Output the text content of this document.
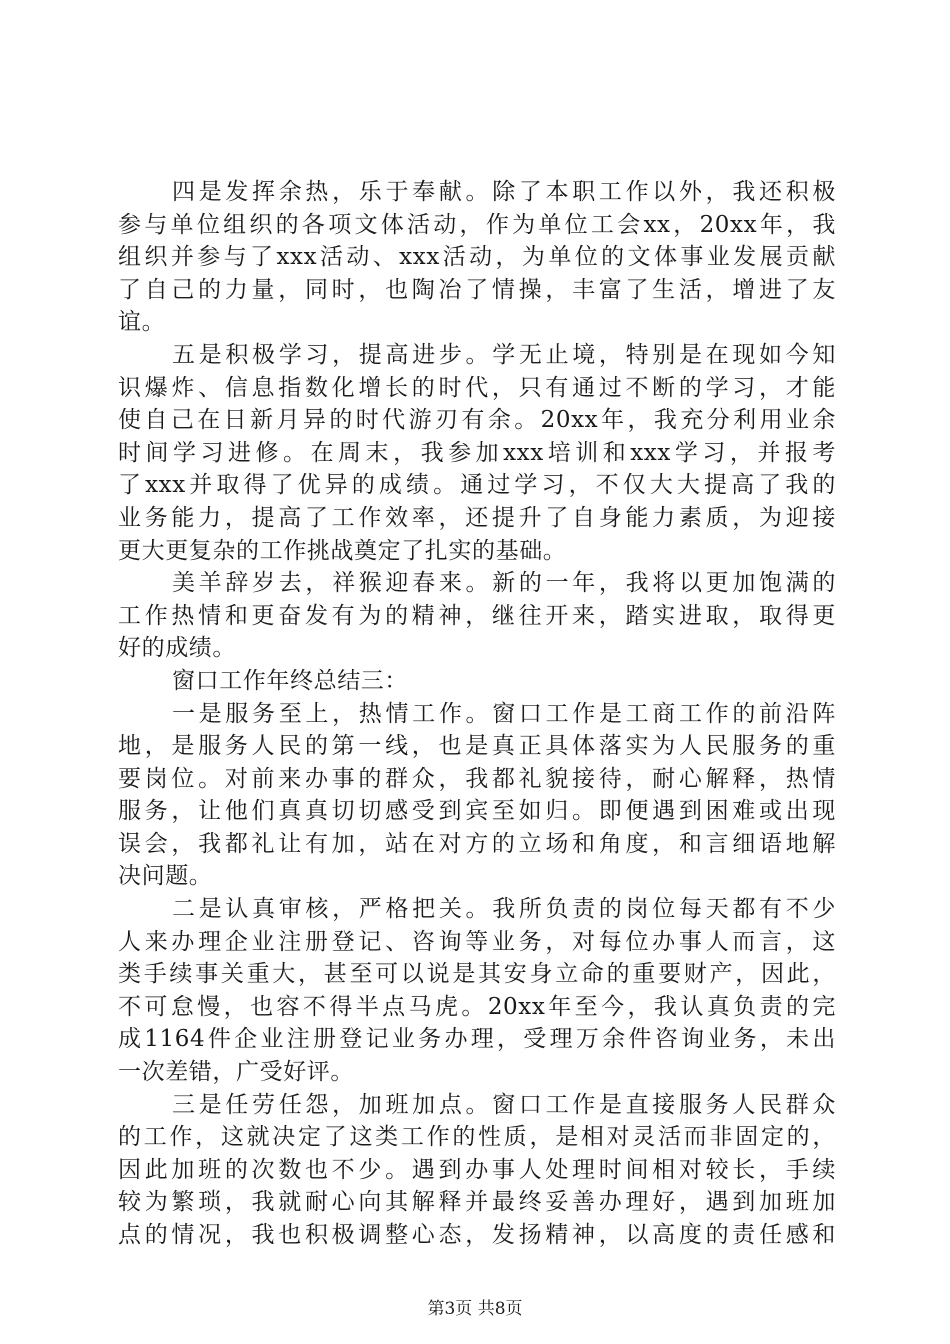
四是发挥余热，乐于奉献。除了本职工作以外，我还积极
参与单位组织的各项文体活动，作为单位工会xx，20xx年，我
组织并参与了xxx活动、xxx活动，为单位的文体事业发展贡献
了自己的力量，同时，也陶冶了情操，丰富了生活，增进了友
谊。
五是积极学习，提高进步。学无止境，特别是在现如今知
识爆炸、信息指数化增长的时代，只有通过不断的学习，才能
使自己在日新月异的时代游刃有余。20xx年，我充分利用业余
时间学习进修。在周末，我参加xxx培训和xxx学习，并报考
了xxx并取得了优异的成绩。通过学习，不仅大大提高了我的
业务能力，提高了工作效率，还提升了自身能力素质，为迎接
更大更复杂的工作挑战奠定了扎实的基础。
美羊辞岁去，祥猴迎春来。新的一年，我将以更加饱满的
工作热情和更奋发有为的精神，继往开来，踏实进取，取得更
好的成绩。
窗口工作年终总结三：
一是服务至上，热情工作。窗口工作是工商工作的前沿阵
地，是服务人民的第一线，也是真正具体落实为人民服务的重
要岗位。对前来办事的群众，我都礼貌接待，耐心解释，热情
服务，让他们真真切切感受到宾至如归。即便遇到困难或出现
误会，我都礼让有加，站在对方的立场和角度，和言细语地解
决问题。
二是认真审核，严格把关。我所负责的岗位每天都有不少
人来办理企业注册登记、咨询等业务，对每位办事人而言，这
类手续事关重大，甚至可以说是其安身立命的重要财产，因此，
不可怠慢，也容不得半点马虎。20xx年至今，我认真负责的完
成1164件企业注册登记业务办理，受理万余件咨询业务，未出
一次差错，广受好评。
三是任劳任怨，加班加点。窗口工作是直接服务人民群众
的工作，这就决定了这类工作的性质，是相对灵活而非固定的，
因此加班的次数也不少。遇到办事人处理时间相对较长，手续
较为繁琐，我就耐心向其解释并最终妥善办理好，遇到加班加
点的情况，我也积极调整心态，发扬精神，以高度的责任感和
第3页 共8页
